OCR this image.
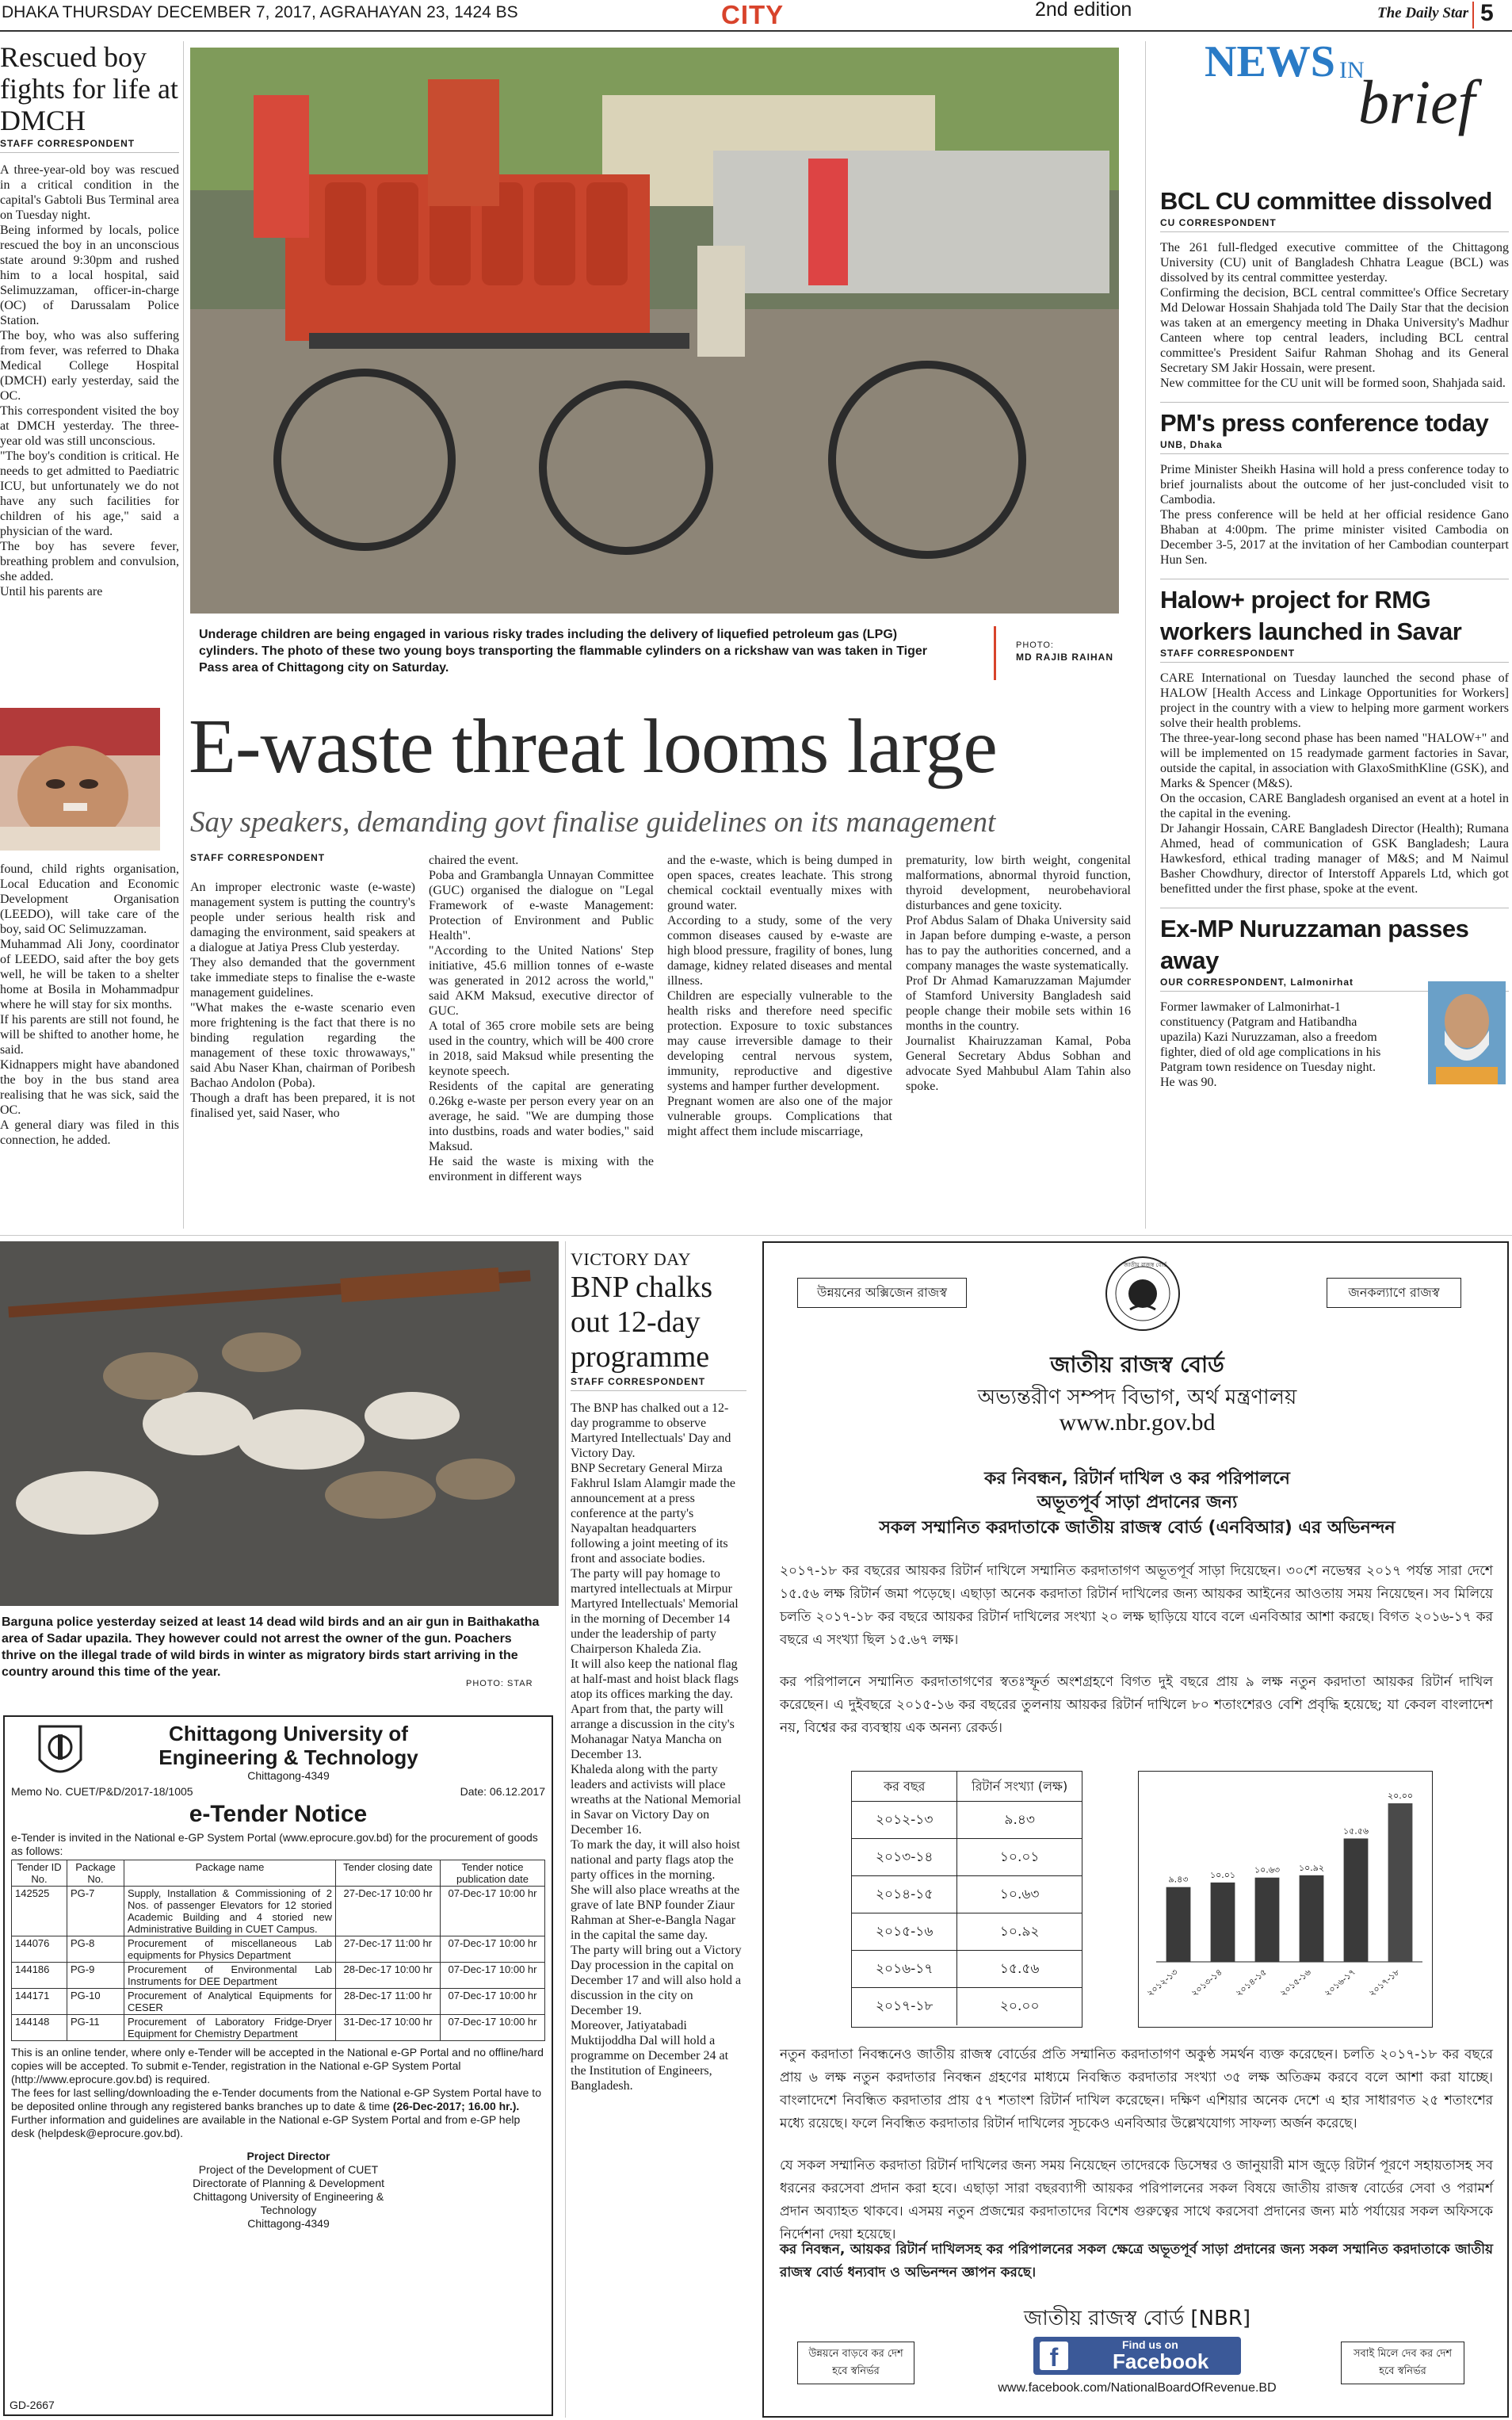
DHAKA THURSDAY DECEMBER 7, 2017, AGRAHAYAN 23, 1424 BS	CITY	2nd edition	The Daily Star 5
Rescued boy fights for life at DMCH
STAFF CORRESPONDENT
A three-year-old boy was rescued in a critical condition in the capital's Gabtoli Bus Terminal area on Tuesday night.
Being informed by locals, police rescued the boy in an unconscious state around 9:30pm and rushed him to a local hospital, said Selimuzzaman, officer-in-charge (OC) of Darussalam Police Station.
The boy, who was also suffering from fever, was referred to Dhaka Medical College Hospital (DMCH) early yesterday, said the OC.
This correspondent visited the boy at DMCH yesterday. The three-year old was still unconscious.
"The boy's condition is critical. He needs to get admitted to Paediatric ICU, but unfortunately we do not have any such facilities for children of his age," said a physician of the ward.
The boy has severe fever, breathing problem and convulsion, she added.
Until his parents are
found, child rights organisation, Local Education and Economic Development Organisation (LEEDO), will take care of the boy, said OC Selimuzzaman.
Muhammad Ali Jony, coordinator of LEEDO, said after the boy gets well, he will be taken to a shelter home at Bosila in Mohammadpur where he will stay for six months.
If his parents are still not found, he will be shifted to another home, he said.
Kidnappers might have abandoned the boy in the bus stand area realising that he was sick, said the OC.
A general diary was filed in this connection, he added.
Underage children are being engaged in various risky trades including the delivery of liquefied petroleum gas (LPG) cylinders. The photo of these two young boys transporting the flammable cylinders on a rickshaw van was taken in Tiger Pass area of Chittagong city on Saturday.
PHOTO:
MD RAJIB RAIHAN
E-waste threat looms large
Say speakers, demanding govt finalise guidelines on its management
STAFF CORRESPONDENT
An improper electronic waste (e-waste) management system is putting the country's people under serious health risk and damaging the environment, said speakers at a dialogue at Jatiya Press Club yesterday.
They also demanded that the government take immediate steps to finalise the e-waste management guidelines.
"What makes the e-waste scenario even more frightening is the fact that there is no binding regulation regarding the management of these toxic throwaways," said Abu Naser Khan, chairman of Poribesh Bachao Andolon (Poba).
Though a draft has been prepared, it is not finalised yet, said Naser, who
chaired the event.
Poba and Grambangla Unnayan Committee (GUC) organised the dialogue on "Legal Framework of e-waste Management: Protection of Environment and Public Health".
"According to the United Nations' Step initiative, 45.6 million tonnes of e-waste was generated in 2012 across the world," said AKM Maksud, executive director of GUC.
A total of 365 crore mobile sets are being used in the country, which will be 400 crore in 2018, said Maksud while presenting the keynote speech.
Residents of the capital are generating 0.26kg e-waste per person every year on an average, he said. "We are dumping those into dustbins, roads and water bodies," said Maksud.
He said the waste is mixing with the environment in different ways
and the e-waste, which is being dumped in open spaces, creates leachate. This strong chemical cocktail eventually mixes with ground water.
According to a study, some of the very common diseases caused by e-waste are high blood pressure, fragility of bones, lung damage, kidney related diseases and mental illness.
Children are especially vulnerable to the health risks and therefore need specific protection. Exposure to toxic substances may cause irreversible damage to their developing central nervous system, immunity, reproductive and digestive systems and hamper further development.
Pregnant women are also one of the major vulnerable groups. Complications that might affect them include miscarriage,
prematurity, low birth weight, congenital malformations, abnormal thyroid function, thyroid development, neurobehavioral disturbances and gene toxicity.
Prof Abdus Salam of Dhaka University said in Japan before dumping e-waste, a person has to pay the authorities concerned, and a company manages the waste systematically.
Prof Dr Ahmad Kamaruzzaman Majumder of Stamford University Bangladesh said people change their mobile sets within 16 months in the country.
Journalist Khairuzzaman Kamal, Poba General Secretary Abdus Sobhan and advocate Syed Mahbubul Alam Tahin also spoke.
NEWS IN
brief
BCL CU committee dissolved
CU CORRESPONDENT
The 261 full-fledged executive committee of the Chittagong University (CU) unit of Bangladesh Chhatra League (BCL) was dissolved by its central committee yesterday.
Confirming the decision, BCL central committee's Office Secretary Md Delowar Hossain Shahjada told The Daily Star that the decision was taken at an emergency meeting in Dhaka University's Madhur Canteen where top central leaders, including BCL central committee's President Saifur Rahman Shohag and its General Secretary SM Jakir Hossain, were present.
New committee for the CU unit will be formed soon, Shahjada said.
PM's press conference today
UNB, Dhaka
Prime Minister Sheikh Hasina will hold a press conference today to brief journalists about the outcome of her just-concluded visit to Cambodia.
The press conference will be held at her official residence Gano Bhaban at 4:00pm. The prime minister visited Cambodia on December 3-5, 2017 at the invitation of her Cambodian counterpart Hun Sen.
Halow+ project for RMG workers launched in Savar
STAFF CORRESPONDENT
CARE International on Tuesday launched the second phase of HALOW [Health Access and Linkage Opportunities for Workers] project in the country with a view to helping more garment workers solve their health problems.
The three-year-long second phase has been named "HALOW+" and will be implemented on 15 readymade garment factories in Savar, outside the capital, in association with GlaxoSmithKline (GSK), and Marks & Spencer (M&S).
On the occasion, CARE Bangladesh organised an event at a hotel in the capital in the evening.
Dr Jahangir Hossain, CARE Bangladesh Director (Health); Rumana Ahmed, head of communication of GSK Bangladesh; Laura Hawkesford, ethical trading manager of M&S; and M Naimul Basher Chowdhury, director of Interstoff Apparels Ltd, which got benefitted under the first phase, spoke at the event.
Ex-MP Nuruzzaman passes away
OUR CORRESPONDENT, Lalmonirhat
Former lawmaker of Lalmonirhat-1 constituency (Patgram and Hatibandha upazila) Kazi Nuruzzaman, also a freedom fighter, died of old age complications in his Patgram town residence on Tuesday night. He was 90.
Barguna police yesterday seized at least 14 dead wild birds and an air gun in Baithakatha area of Sadar upazila. They however could not arrest the owner of the gun. Poachers thrive on the illegal trade of wild birds in winter as migratory birds start arriving in the country around this time of the year.
PHOTO: STAR
Chittagong University of Engineering & Technology
Chittagong-4349
Memo No. CUET/P&D/2017-18/1005	Date: 06.12.2017
e-Tender Notice
e-Tender is invited in the National e-GP System Portal (www.eprocure.gov.bd) for the procurement of goods as follows:
Tender ID No.	Package No.	Package name	Tender closing date	Tender notice publication date
142525	PG-7	Supply, Installation & Commissioning of 2 Nos. of passenger Elevators for 12 storied Academic Building and 4 storied new Administrative Building in CUET Campus.	27-Dec-17 10:00 hr	07-Dec-17 10:00 hr
144076	PG-8	Procurement of miscellaneous Lab equipments for Physics Department	27-Dec-17 11:00 hr	07-Dec-17 10:00 hr
144186	PG-9	Procurement of Environmental Lab Instruments for DEE Department	28-Dec-17 10:00 hr	07-Dec-17 10:00 hr
144171	PG-10	Procurement of Analytical Equipments for CESER	28-Dec-17 11:00 hr	07-Dec-17 10:00 hr
144148	PG-11	Procurement of Laboratory Fridge-Dryer Equipment for Chemistry Department	31-Dec-17 10:00 hr	07-Dec-17 10:00 hr
This is an online tender, where only e-Tender will be accepted in the National e-GP Portal and no offline/hard copies will be accepted. To submit e-Tender, registration in the National e-GP System Portal (http://www.eprocure.gov.bd) is required.
The fees for last selling/downloading the e-Tender documents from the National e-GP System Portal have to be deposited online through any registered banks branches up to date & time (26-Dec-2017; 16.00 hr.).
Further information and guidelines are available in the National e-GP System Portal and from e-GP help desk (helpdesk@eprocure.gov.bd).
Project Director
Project of the Development of CUET
Directorate of Planning & Development
Chittagong University of Engineering & Technology
Chittagong-4349
GD-2667
VICTORY DAY
BNP chalks out 12-day programme
STAFF CORRESPONDENT
The BNP has chalked out a 12-day programme to observe Martyred Intellectuals' Day and Victory Day.
BNP Secretary General Mirza Fakhrul Islam Alamgir made the announcement at a press conference at the party's Nayapaltan headquarters following a joint meeting of its front and associate bodies.
The party will pay homage to martyred intellectuals at Mirpur Martyred Intellectuals' Memorial in the morning of December 14 under the leadership of party Chairperson Khaleda Zia.
It will also keep the national flag at half-mast and hoist black flags atop its offices marking the day.
Apart from that, the party will arrange a discussion in the city's Mohanagar Natya Mancha on December 13.
Khaleda along with the party leaders and activists will place wreaths at the National Memorial in Savar on Victory Day on December 16.
To mark the day, it will also hoist national and party flags atop the party offices in the morning.
She will also place wreaths at the grave of late BNP founder Ziaur Rahman at Sher-e-Bangla Nagar in the capital the same day.
The party will bring out a Victory Day procession in the capital on December 17 and will also hold a discussion in the city on December 19.
Moreover, Jatiyatabadi Muktijoddha Dal will hold a programme on December 24 at the Institution of Engineers, Bangladesh.
উন্নয়নের অক্সিজেন রাজস্ব	জনকল্যাণে রাজস্ব
জাতীয় রাজস্ব বোর্ড
জাতীয় রাজস্ব বোর্ড
অভ্যন্তরীণ সম্পদ বিভাগ, অর্থ মন্ত্রণালয়
www.nbr.gov.bd
কর নিবন্ধন, রিটার্ন দাখিল ও কর পরিপালনে
অভূতপূর্ব সাড়া প্রদানের জন্য
সকল সম্মানিত করদাতাকে জাতীয় রাজস্ব বোর্ড (এনবিআর) এর অভিনন্দন
২০১৭-১৮ কর বছরের আয়কর রিটার্ন দাখিলে সম্মানিত করদাতাগণ অভূতপূর্ব সাড়া দিয়েছেন। ৩০শে নভেম্বর ২০১৭ পর্যন্ত সারা দেশে ১৫.৫৬ লক্ষ রিটার্ন জমা পড়েছে। এছাড়া অনেক করদাতা রিটার্ন দাখিলের জন্য আয়কর আইনের আওতায় সময় নিয়েছেন। সব মিলিয়ে চলতি ২০১৭-১৮ কর বছরে আয়কর রিটার্ন দাখিলের সংখ্যা ২০ লক্ষ ছাড়িয়ে যাবে বলে এনবিআর আশা করছে। বিগত ২০১৬-১৭ কর বছরে এ সংখ্যা ছিল ১৫.৬৭ লক্ষ।
কর পরিপালনে সম্মানিত করদাতাগণের স্বতঃস্ফূর্ত অংশগ্রহণে বিগত দুই বছরে প্রায় ৯ লক্ষ নতুন করদাতা আয়কর রিটার্ন দাখিল করেছেন। এ দুইবছরে ২০১৫-১৬ কর বছরের তুলনায় আয়কর রিটার্ন দাখিলে ৮০ শতাংশেরও বেশি প্রবৃদ্ধি হয়েছে; যা কেবল বাংলাদেশ নয়, বিশ্বের কর ব্যবস্থায় এক অনন্য রেকর্ড।
কর বছর	রিটার্ন সংখ্যা (লক্ষ)
২০১২-১৩	৯.৪৩
২০১৩-১৪	১০.০১
২০১৪-১৫	১০.৬৩
২০১৫-১৬	১০.৯২
২০১৬-১৭	১৫.৫৬
২০১৭-১৮	২০.০০
৯.৪৩
২০১২-১৩
১০.০১
২০১৩-১৪
১০.৬৩
২০১৪-১৫
১০.৯২
২০১৫-১৬
১৫.৫৬
২০১৬-১৭
২০.০০
২০১৭-১৮
নতুন করদাতা নিবন্ধনেও জাতীয় রাজস্ব বোর্ডের প্রতি সম্মানিত করদাতাগণ অকুণ্ঠ সমর্থন ব্যক্ত করেছেন। চলতি ২০১৭-১৮ কর বছরে প্রায় ৬ লক্ষ নতুন করদাতার নিবন্ধন গ্রহণের মাধ্যমে নিবন্ধিত করদাতার সংখ্যা ৩৫ লক্ষ অতিক্রম করবে বলে আশা করা যাচ্ছে। বাংলাদেশে নিবন্ধিত করদাতার প্রায় ৫৭ শতাংশ রিটার্ন দাখিল করেছেন। দক্ষিণ এশিয়ার অনেক দেশে এ হার সাধারণত ২৫ শতাংশের মধ্যে রয়েছে। ফলে নিবন্ধিত করদাতার রিটার্ন দাখিলের সূচকেও এনবিআর উল্লেখযোগ্য সাফল্য অর্জন করেছে।
যে সকল সম্মানিত করদাতা রিটার্ন দাখিলের জন্য সময় নিয়েছেন তাদেরকে ডিসেম্বর ও জানুয়ারী মাস জুড়ে রিটার্ন পূরণে সহায়তাসহ সব ধরনের করসেবা প্রদান করা হবে। এছাড়া সারা বছরব্যাপী আয়কর পরিপালনের সকল বিষয়ে জাতীয় রাজস্ব বোর্ডের সেবা ও পরামর্শ প্রদান অব্যাহত থাকবে। এসময় নতুন প্রজন্মের করদাতাদের বিশেষ গুরুত্বের সাথে করসেবা প্রদানের জন্য মাঠ পর্যায়ের সকল অফিসকে নির্দেশনা দেয়া হয়েছে।
কর নিবন্ধন, আয়কর রিটার্ন দাখিলসহ কর পরিপালনের সকল ক্ষেত্রে অভূতপূর্ব সাড়া প্রদানের জন্য সকল সম্মানিত করদাতাকে জাতীয় রাজস্ব বোর্ড ধন্যবাদ ও অভিনন্দন জ্ঞাপন করছে।
জাতীয় রাজস্ব বোর্ড [NBR]
উন্নয়নে বাড়বে কর দেশ হবে স্বনির্ভর
সবাই মিলে দেব কর দেশ হবে স্বনির্ভর
f	Find us on
Facebook
www.facebook.com/NationalBoardOfRevenue.BD
